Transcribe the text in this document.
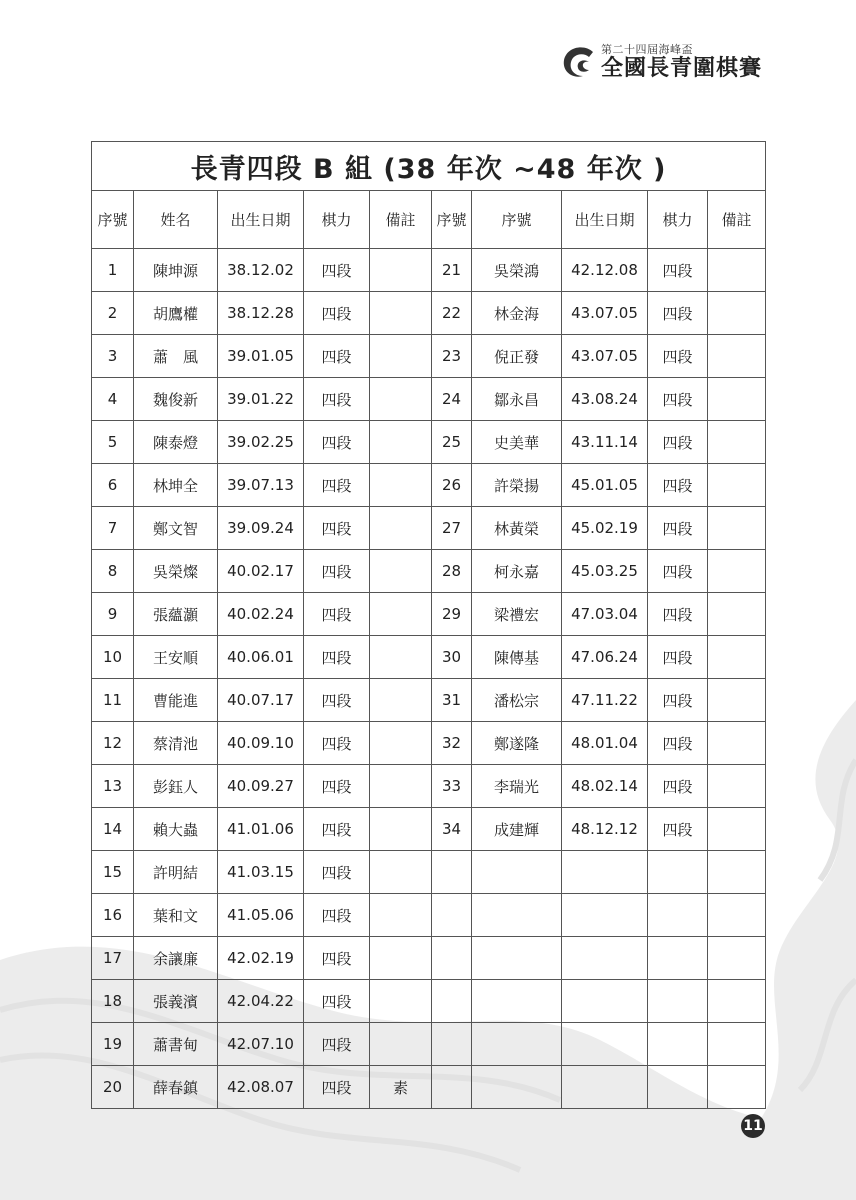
第二十四屆海峰盃
全國長青圍棋賽
長青四段 B 組 (38 年次 ~48 年次 )									
序號	姓名	出生日期	棋力	備註	序號	序號	出生日期	棋力	備註
1	陳坤源	38.12.02	四段		21	吳榮鴻	42.12.08	四段	
2	胡鷹權	38.12.28	四段		22	林金海	43.07.05	四段	
3	蕭　風	39.01.05	四段		23	倪正發	43.07.05	四段	
4	魏俊新	39.01.22	四段		24	鄒永昌	43.08.24	四段	
5	陳泰燈	39.02.25	四段		25	史美華	43.11.14	四段	
6	林坤全	39.07.13	四段		26	許榮揚	45.01.05	四段	
7	鄭文智	39.09.24	四段		27	林黃榮	45.02.19	四段	
8	吳榮燦	40.02.17	四段		28	柯永嘉	45.03.25	四段	
9	張蘊灝	40.02.24	四段		29	梁禮宏	47.03.04	四段	
10	王安順	40.06.01	四段		30	陳傳基	47.06.24	四段	
11	曹能進	40.07.17	四段		31	潘松宗	47.11.22	四段	
12	蔡清池	40.09.10	四段		32	鄭遂隆	48.01.04	四段	
13	彭鈺人	40.09.27	四段		33	李瑞光	48.02.14	四段	
14	賴大蟲	41.01.06	四段		34	成建輝	48.12.12	四段	
15	許明結	41.03.15	四段						
16	葉和文	41.05.06	四段						
17	余讓廉	42.02.19	四段						
18	張義濱	42.04.22	四段						
19	蕭書甸	42.07.10	四段						
20	薛春鎮	42.08.07	四段	素					
11
